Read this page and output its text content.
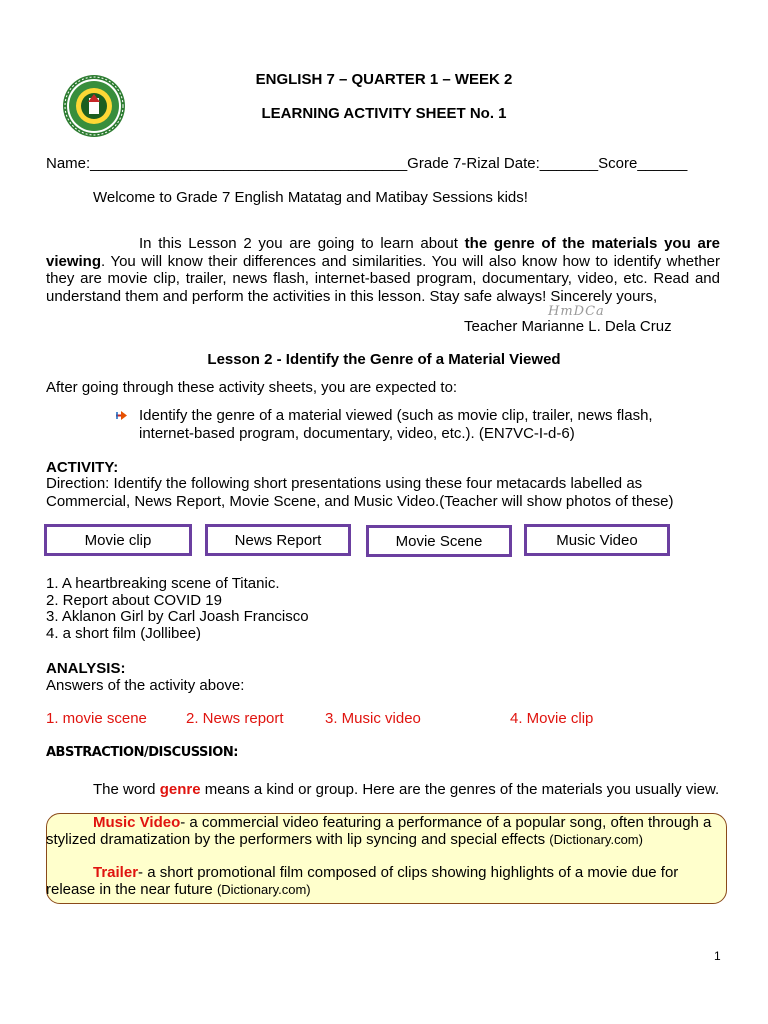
ENGLISH 7 – QUARTER 1 – WEEK 2
LEARNING ACTIVITY SHEET No. 1
Name:______________________________________Grade 7-Rizal Date:_______Score______
Welcome to Grade 7 English Matatag and Matibay Sessions kids!
In this Lesson 2 you are going to learn about the genre of the materials you are viewing. You will know their differences and similarities. You will also know how to identify whether they are movie clip, trailer, news flash, internet-based program, documentary, video, etc. Read and understand them and perform the activities in this lesson. Stay safe always! Sincerely yours,
HmDCa
Teacher Marianne L. Dela Cruz
Lesson 2 - Identify the Genre of a Material Viewed
After going through these activity sheets, you are expected to:
Identify the genre of a material viewed (such as movie clip, trailer, news flash, internet-based program, documentary, video, etc.). (EN7VC-I-d-6)
ACTIVITY:
Direction: Identify the following short presentations using these four metacards labelled as Commercial, News Report, Movie Scene, and Music Video.(Teacher will show photos of these)
Movie clip	News Report	Movie Scene	Music Video
1. A heartbreaking scene of Titanic.
2. Report about COVID 19
3. Aklanon Girl by Carl Joash Francisco
4. a short film (Jollibee)
ANALYSIS:
Answers of the activity above:
1. movie scene	2. News report	3. Music video	4. Movie clip
ABSTRACTION/DISCUSSION:
The word genre means a kind or group. Here are the genres of the materials you usually view.
Music Video- a commercial video featuring a performance of a popular song, often through a stylized dramatization by the performers with lip syncing and special effects (Dictionary.com)
Trailer- a short promotional film composed of clips showing highlights of a movie due for release in the near future (Dictionary.com)
1
